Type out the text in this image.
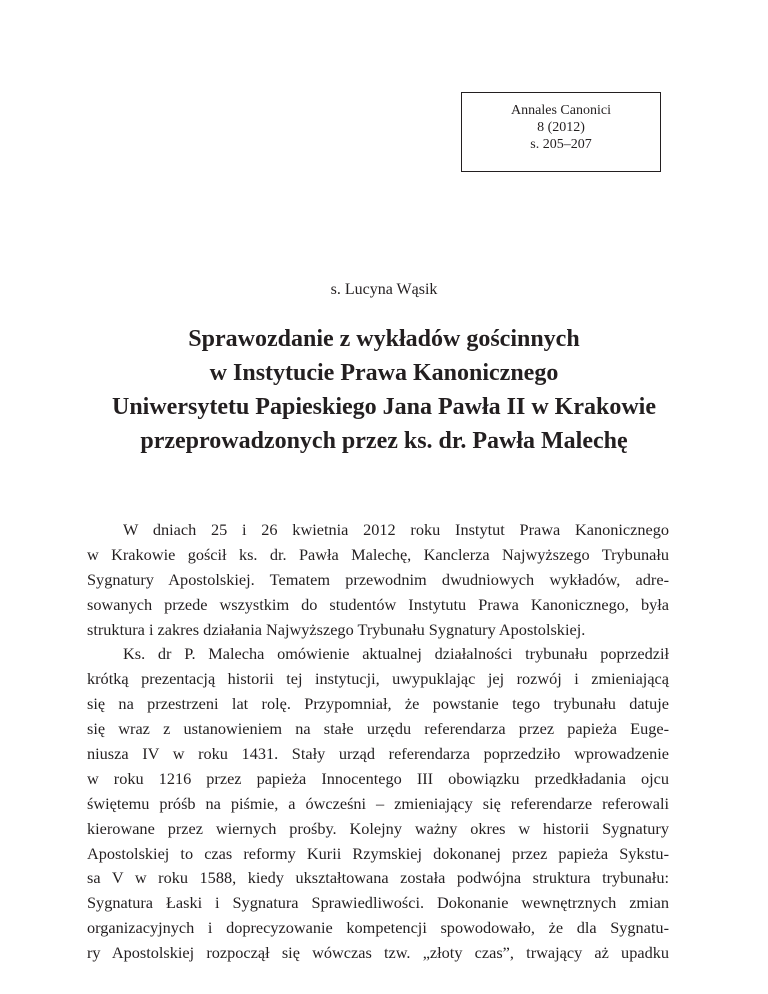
Annales Canonici
8 (2012)
s. 205–207
s. Lucyna Wąsik
Sprawozdanie z wykładów gościnnych
w Instytucie Prawa Kanonicznego
Uniwersytetu Papieskiego Jana Pawła II w Krakowie
przeprowadzonych przez ks. dr. Pawła Malechę
W dniach 25 i 26 kwietnia 2012 roku Instytut Prawa Kanonicznego
w Krakowie gościł ks. dr. Pawła Malechę, Kanclerza Najwyższego Trybunału
Sygnatury Apostolskiej. Tematem przewodnim dwudniowych wykładów, adre-
sowanych przede wszystkim do studentów Instytutu Prawa Kanonicznego, była
struktura i zakres działania Najwyższego Trybunału Sygnatury Apostolskiej.
Ks. dr P. Malecha omówienie aktualnej działalności trybunału poprzedził
krótką prezentacją historii tej instytucji, uwypuklając jej rozwój i zmieniającą
się na przestrzeni lat rolę. Przypomniał, że powstanie tego trybunału datuje
się wraz z ustanowieniem na stałe urzędu referendarza przez papieża Euge-
niusza IV w roku 1431. Stały urząd referendarza poprzedziło wprowadzenie
w roku 1216 przez papieża Innocentego III obowiązku przedkładania ojcu
świętemu próśb na piśmie, a ówcześni – zmieniający się referendarze referowali
kierowane przez wiernych prośby. Kolejny ważny okres w historii Sygnatury
Apostolskiej to czas reformy Kurii Rzymskiej dokonanej przez papieża Sykstu-
sa V w roku 1588, kiedy ukształtowana została podwójna struktura trybunału:
Sygnatura Łaski i Sygnatura Sprawiedliwości. Dokonanie wewnętrznych zmian
organizacyjnych i doprecyzowanie kompetencji spowodowało, że dla Sygnatu-
ry Apostolskiej rozpoczął się wówczas tzw. „złoty czas”, trwający aż upadku
